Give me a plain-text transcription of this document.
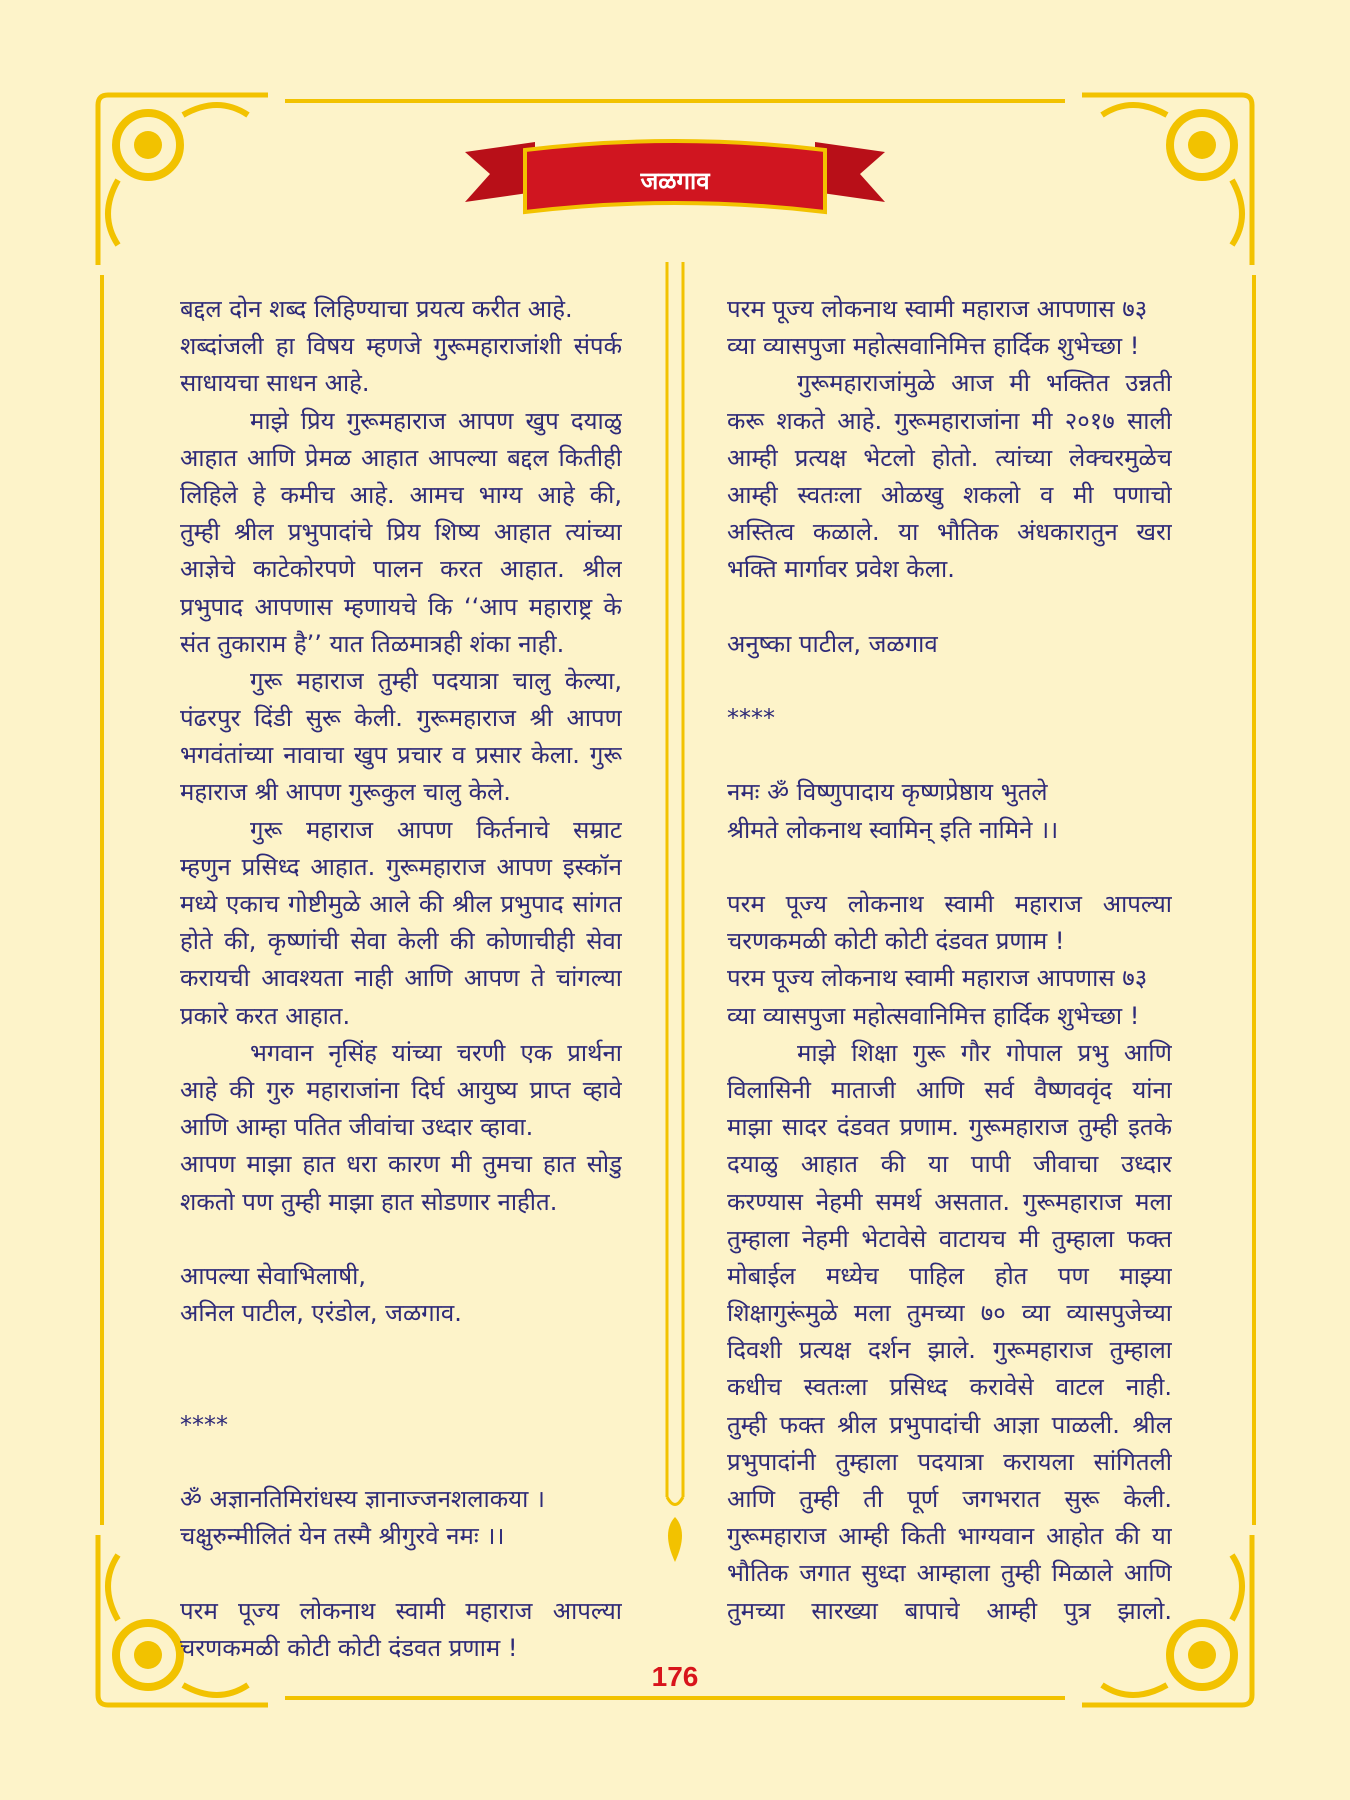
जळगाव
बद्दल दोन शब्द लिहिण्याचा प्रयत्य करीत आहे.
शब्दांजली हा विषय म्हणजे गुरूमहाराजांशी संपर्क
साधायचा साधन आहे.
माझे प्रिय गुरूमहाराज आपण खुप दयाळु
आहात आणि प्रेमळ आहात आपल्या बद्दल कितीही
लिहिले हे कमीच आहे. आमच भाग्य आहे की,
तुम्ही श्रील प्रभुपादांचे प्रिय शिष्य आहात त्यांच्या
आज्ञेचे काटेकोरपणे पालन करत आहात. श्रील
प्रभुपाद आपणास म्हणायचे कि ‘‘आप महाराष्ट्र के
संत तुकाराम है’’ यात तिळमात्रही शंका नाही.
गुरू महाराज तुम्ही पदयात्रा चालु केल्या,
पंढरपुर दिंडी सुरू केली. गुरूमहाराज श्री आपण
भगवंतांच्या नावाचा खुप प्रचार व प्रसार केला. गुरू
महाराज श्री आपण गुरूकुल चालु केले.
गुरू महाराज आपण किर्तनाचे सम्राट
म्हणुन प्रसिध्द आहात. गुरूमहाराज आपण इस्कॉन
मध्ये एकाच गोष्टीमुळे आले की श्रील प्रभुपाद सांगत
होते की, कृष्णांची सेवा केली की कोणाचीही सेवा
करायची आवश्यता नाही आणि आपण ते चांगल्या
प्रकारे करत आहात.
भगवान नृसिंह यांच्या चरणी एक प्रार्थना
आहे की गुरु महाराजांना दिर्घ आयुष्य प्राप्त व्हावे
आणि आम्हा पतित जीवांचा उध्दार व्हावा.
आपण माझा हात धरा कारण मी तुमचा हात सोडु
शकतो पण तुम्ही माझा हात सोडणार नाहीत.
आपल्या सेवाभिलाषी,
अनिल पाटील, एरंडोल, जळगाव.
****
ॐ अज्ञानतिमिरांधस्य ज्ञानाज्जनशलाकया ।
चक्षुरुन्मीलितं येन तस्मै श्रीगुरवे नमः ।।
परम पूज्य लोकनाथ स्वामी महाराज आपल्या
चरणकमळी कोटी कोटी दंडवत प्रणाम !
परम पूज्य लोकनाथ स्वामी महाराज आपणास ७३
व्या व्यासपुजा महोत्सवानिमित्त हार्दिक शुभेच्छा !
गुरूमहाराजांमुळे आज मी भक्तित उन्नती
करू शकते आहे. गुरूमहाराजांना मी २०१७ साली
आम्ही प्रत्यक्ष भेटलो होतो. त्यांच्या लेक्चरमुळेच
आम्ही स्वतःला ओळखु शकलो व मी पणाचो
अस्तित्व कळाले. या भौतिक अंधकारातुन खरा
भक्ति मार्गावर प्रवेश केला.
अनुष्का पाटील, जळगाव
****
नमः ॐ विष्णुपादाय कृष्णप्रेष्ठाय भुतले
श्रीमते लोकनाथ स्वामिन् इति नामिने ।।
परम पूज्य लोकनाथ स्वामी महाराज आपल्या
चरणकमळी कोटी कोटी दंडवत प्रणाम !
परम पूज्य लोकनाथ स्वामी महाराज आपणास ७३
व्या व्यासपुजा महोत्सवानिमित्त हार्दिक शुभेच्छा !
माझे शिक्षा गुरू गौर गोपाल प्रभु आणि
विलासिनी माताजी आणि सर्व वैष्णववृंद यांना
माझा सादर दंडवत प्रणाम. गुरूमहाराज तुम्ही इतके
दयाळु आहात की या पापी जीवाचा उध्दार
करण्यास नेहमी समर्थ असतात. गुरूमहाराज मला
तुम्हाला नेहमी भेटावेसे वाटायच मी तुम्हाला फक्त
मोबाईल मध्येच पाहिल होत पण माझ्या
शिक्षागुरूंमुळे मला तुमच्या ७० व्या व्यासपुजेच्या
दिवशी प्रत्यक्ष दर्शन झाले. गुरूमहाराज तुम्हाला
कधीच स्वतःला प्रसिध्द करावेसे वाटल नाही.
तुम्ही फक्त श्रील प्रभुपादांची आज्ञा पाळली. श्रील
प्रभुपादांनी तुम्हाला पदयात्रा करायला सांगितली
आणि तुम्ही ती पूर्ण जगभरात सुरू केली.
गुरूमहाराज आम्ही किती भाग्यवान आहोत की या
भौतिक जगात सुध्दा आम्हाला तुम्ही मिळाले आणि
तुमच्या सारख्या बापाचे आम्ही पुत्र झालो.
176
